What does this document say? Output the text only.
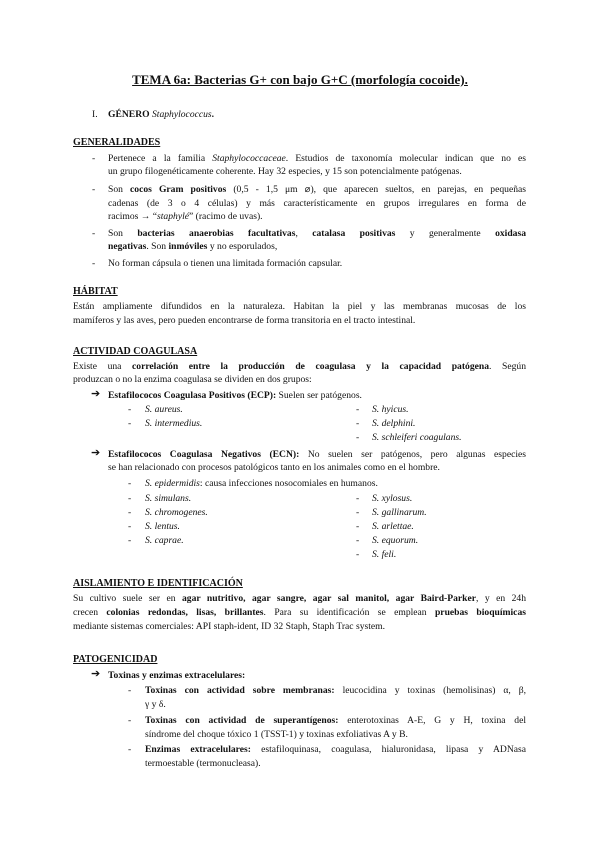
TEMA 6a: Bacterias G+ con bajo G+C (morfología cocoide).
I. GÉNERO Staphylococcus.
GENERALIDADES
- Pertenece a la familia Staphylococcaceae. Estudios de taxonomía molecular indican que no es
un grupo filogenéticamente coherente. Hay 32 especies, y 15 son potencialmente patógenas.
- Son cocos Gram positivos (0,5 - 1,5 μm ⌀), que aparecen sueltos, en parejas, en pequeñas
cadenas (de 3 o 4 células) y más característicamente en grupos irregulares en forma de
racimos → “staphylé” (racimo de uvas).
- Son bacterias anaerobias facultativas, catalasa positivas y generalmente oxidasa
negativas. Son inmóviles y no esporulados,
- No forman cápsula o tienen una limitada formación capsular.
HÁBITAT
Están ampliamente difundidos en la naturaleza. Habitan la piel y las membranas mucosas de los
mamíferos y las aves, pero pueden encontrarse de forma transitoria en el tracto intestinal.
ACTIVIDAD COAGULASA
Existe una correlación entre la producción de coagulasa y la capacidad patógena. Según
produzcan o no la enzima coagulasa se dividen en dos grupos:
➔ Estafilococos Coagulasa Positivos (ECP): Suelen ser patógenos.
- S. aureus.
- S. intermedius.
- S. hyicus.
- S. delphini.
- S. schleiferi coagulans.
➔ Estafilococos Coagulasa Negativos (ECN): No suelen ser patógenos, pero algunas especies
se han relacionado con procesos patológicos tanto en los animales como en el hombre.
- S. epidermidis: causa infecciones nosocomiales en humanos.
- S. simulans.
- S. chromogenes.
- S. lentus.
- S. caprae.
- S. xylosus.
- S. gallinarum.
- S. arlettae.
- S. equorum.
- S. feli.
AISLAMIENTO E IDENTIFICACIÓN
Su cultivo suele ser en agar nutritivo, agar sangre, agar sal manitol, agar Baird-Parker, y en 24h
crecen colonias redondas, lisas, brillantes. Para su identificación se emplean pruebas bioquímicas
mediante sistemas comerciales: API staph-ident, ID 32 Staph, Staph Trac system.
PATOGENICIDAD
➔ Toxinas y enzimas extracelulares:
- Toxinas con actividad sobre membranas: leucocidina y toxinas (hemolisinas) α, β,
γ y δ.
- Toxinas con actividad de superantígenos: enterotoxinas A-E, G y H, toxina del
síndrome del choque tóxico 1 (TSST-1) y toxinas exfoliativas A y B.
- Enzimas extracelulares: estafiloquinasa, coagulasa, hialuronidasa, lipasa y ADNasa
termoestable (termonucleasa).
